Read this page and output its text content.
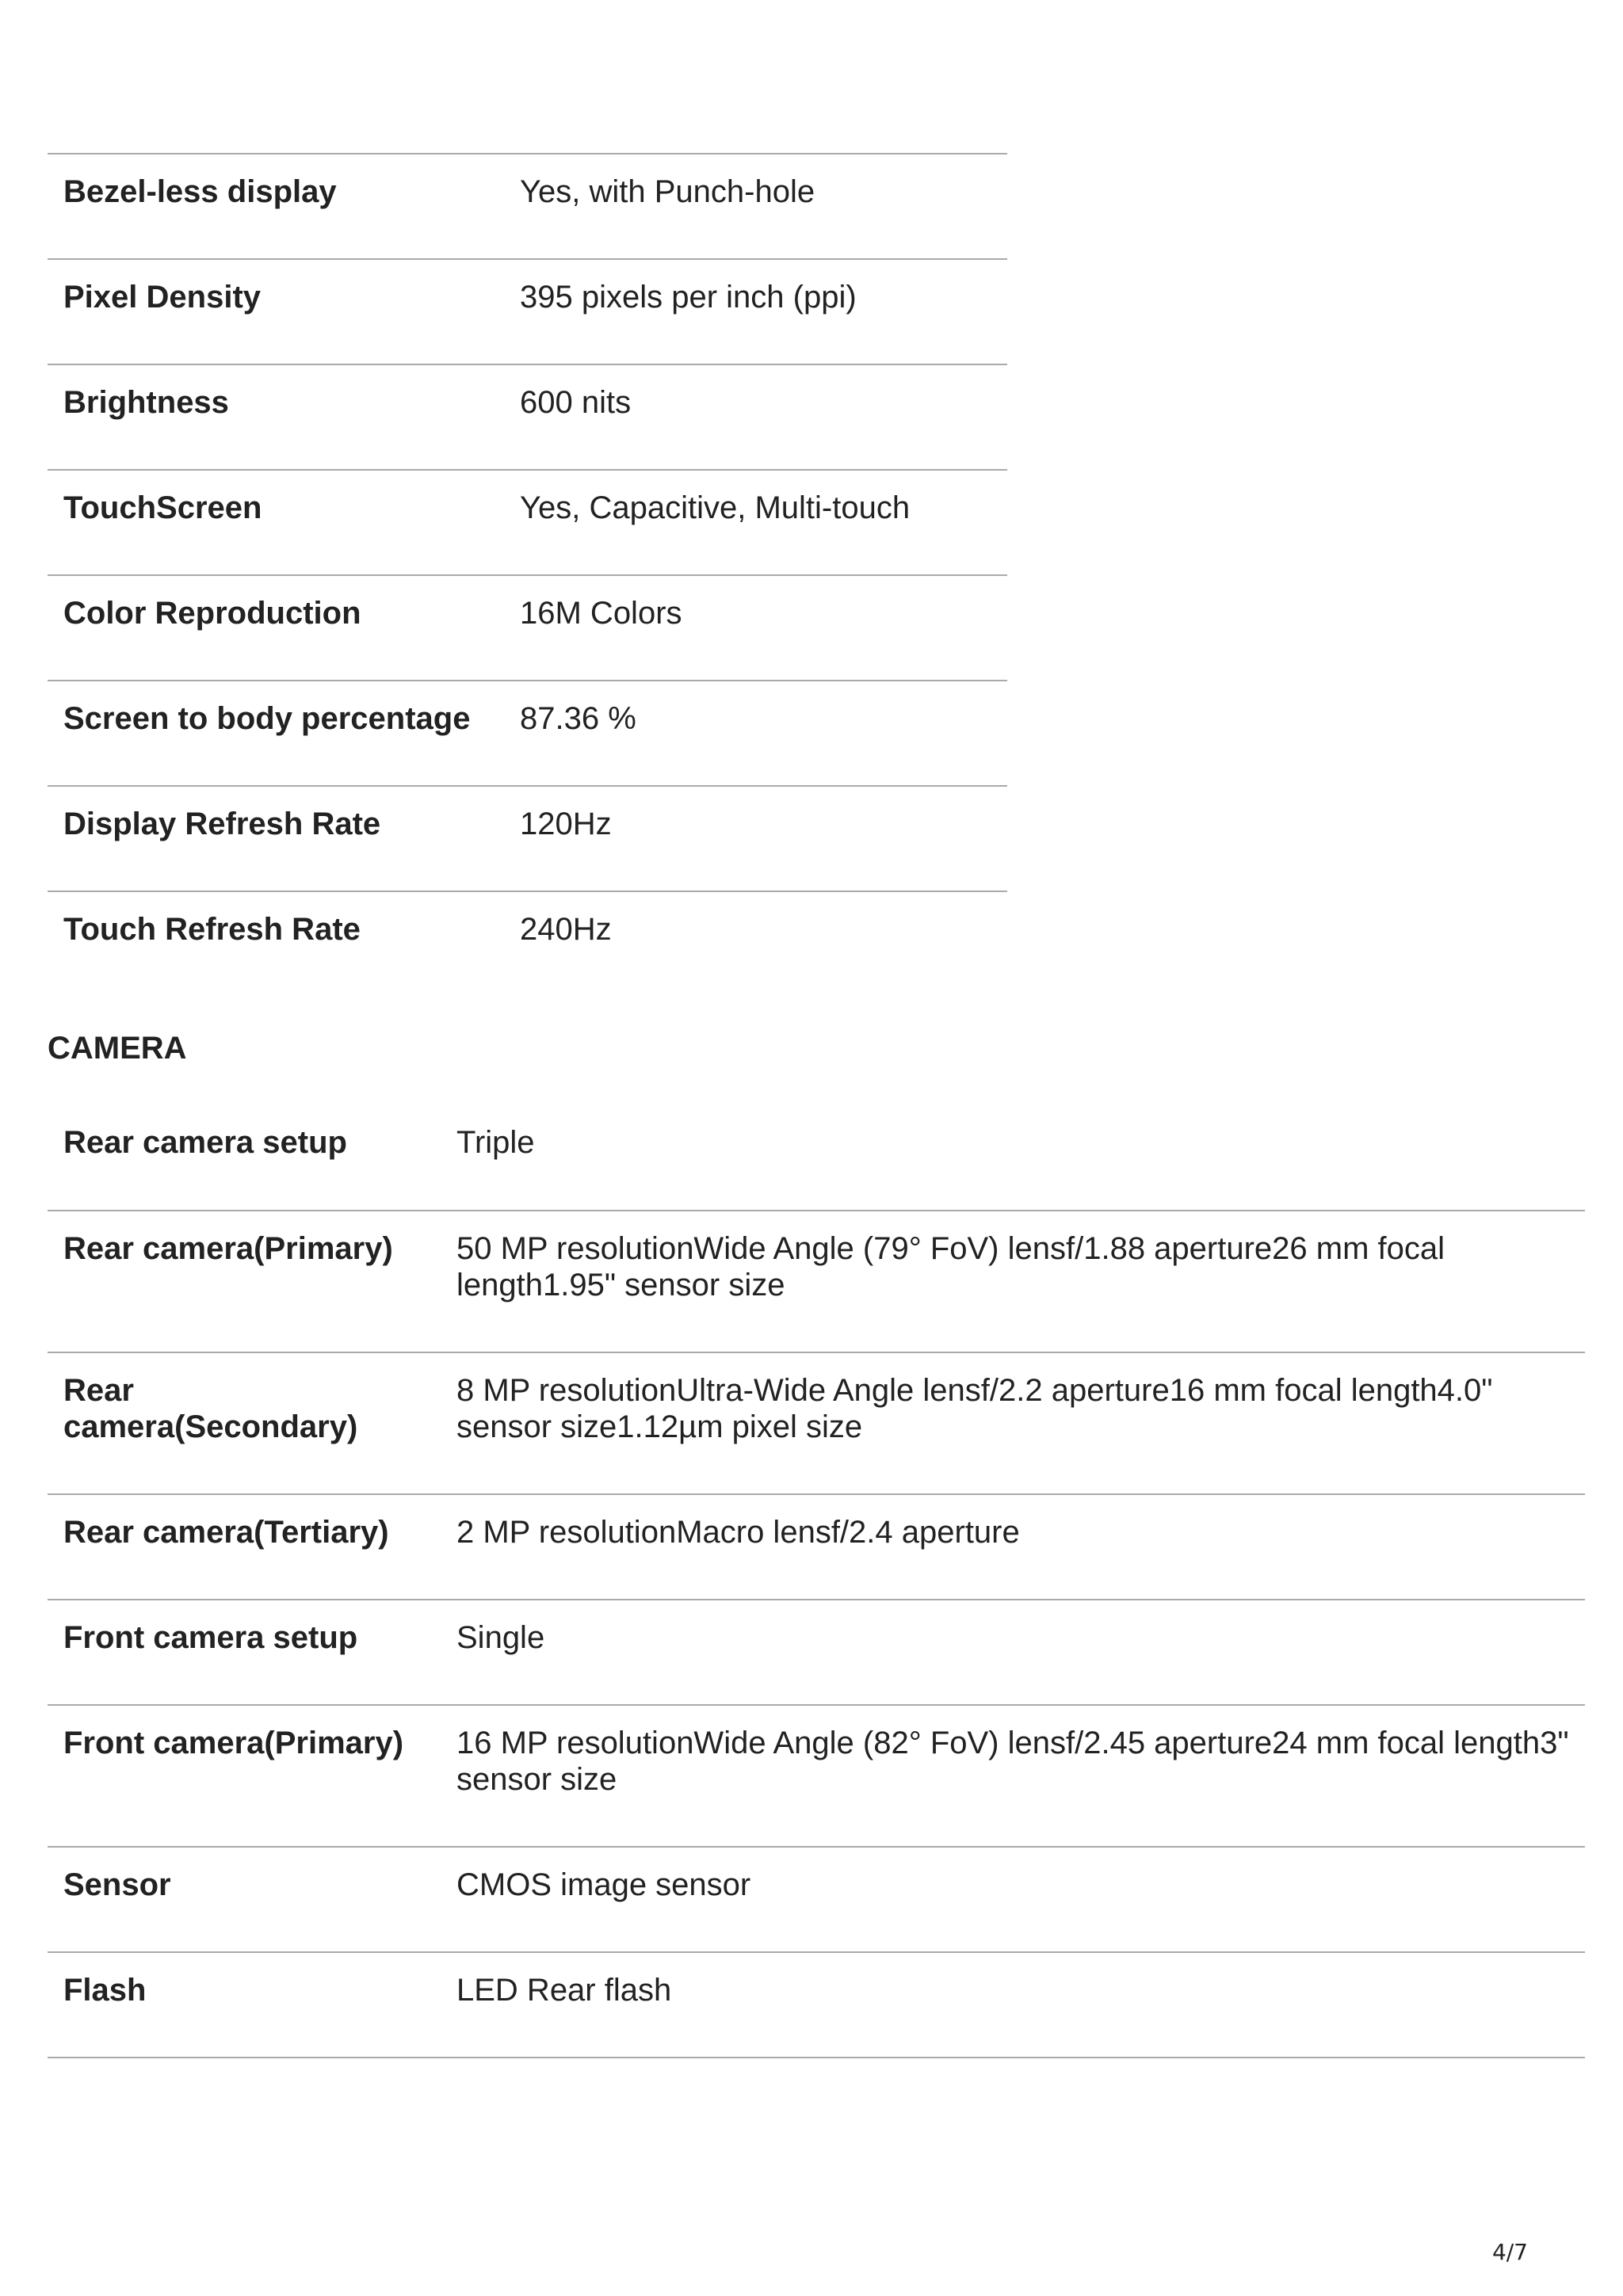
Bezel-less display	Yes, with Punch-hole
Pixel Density	395 pixels per inch (ppi)
Brightness	600 nits
TouchScreen	Yes, Capacitive, Multi-touch
Color Reproduction	16M Colors
Screen to body percentage	87.36 %
Display Refresh Rate	120Hz
Touch Refresh Rate	240Hz
CAMERA
Rear camera setup	Triple
Rear camera(Primary)	50 MP resolutionWide Angle (79° FoV) lensf/1.88 aperture26 mm focal length1.95" sensor size
Rear camera(Secondary)	8 MP resolutionUltra-Wide Angle lensf/2.2 aperture16 mm focal length4.0" sensor size1.12µm pixel size
Rear camera(Tertiary)	2 MP resolutionMacro lensf/2.4 aperture
Front camera setup	Single
Front camera(Primary)	16 MP resolutionWide Angle (82° FoV) lensf/2.45 aperture24 mm focal length3" sensor size
Sensor	CMOS image sensor
Flash	LED Rear flash
4/7
